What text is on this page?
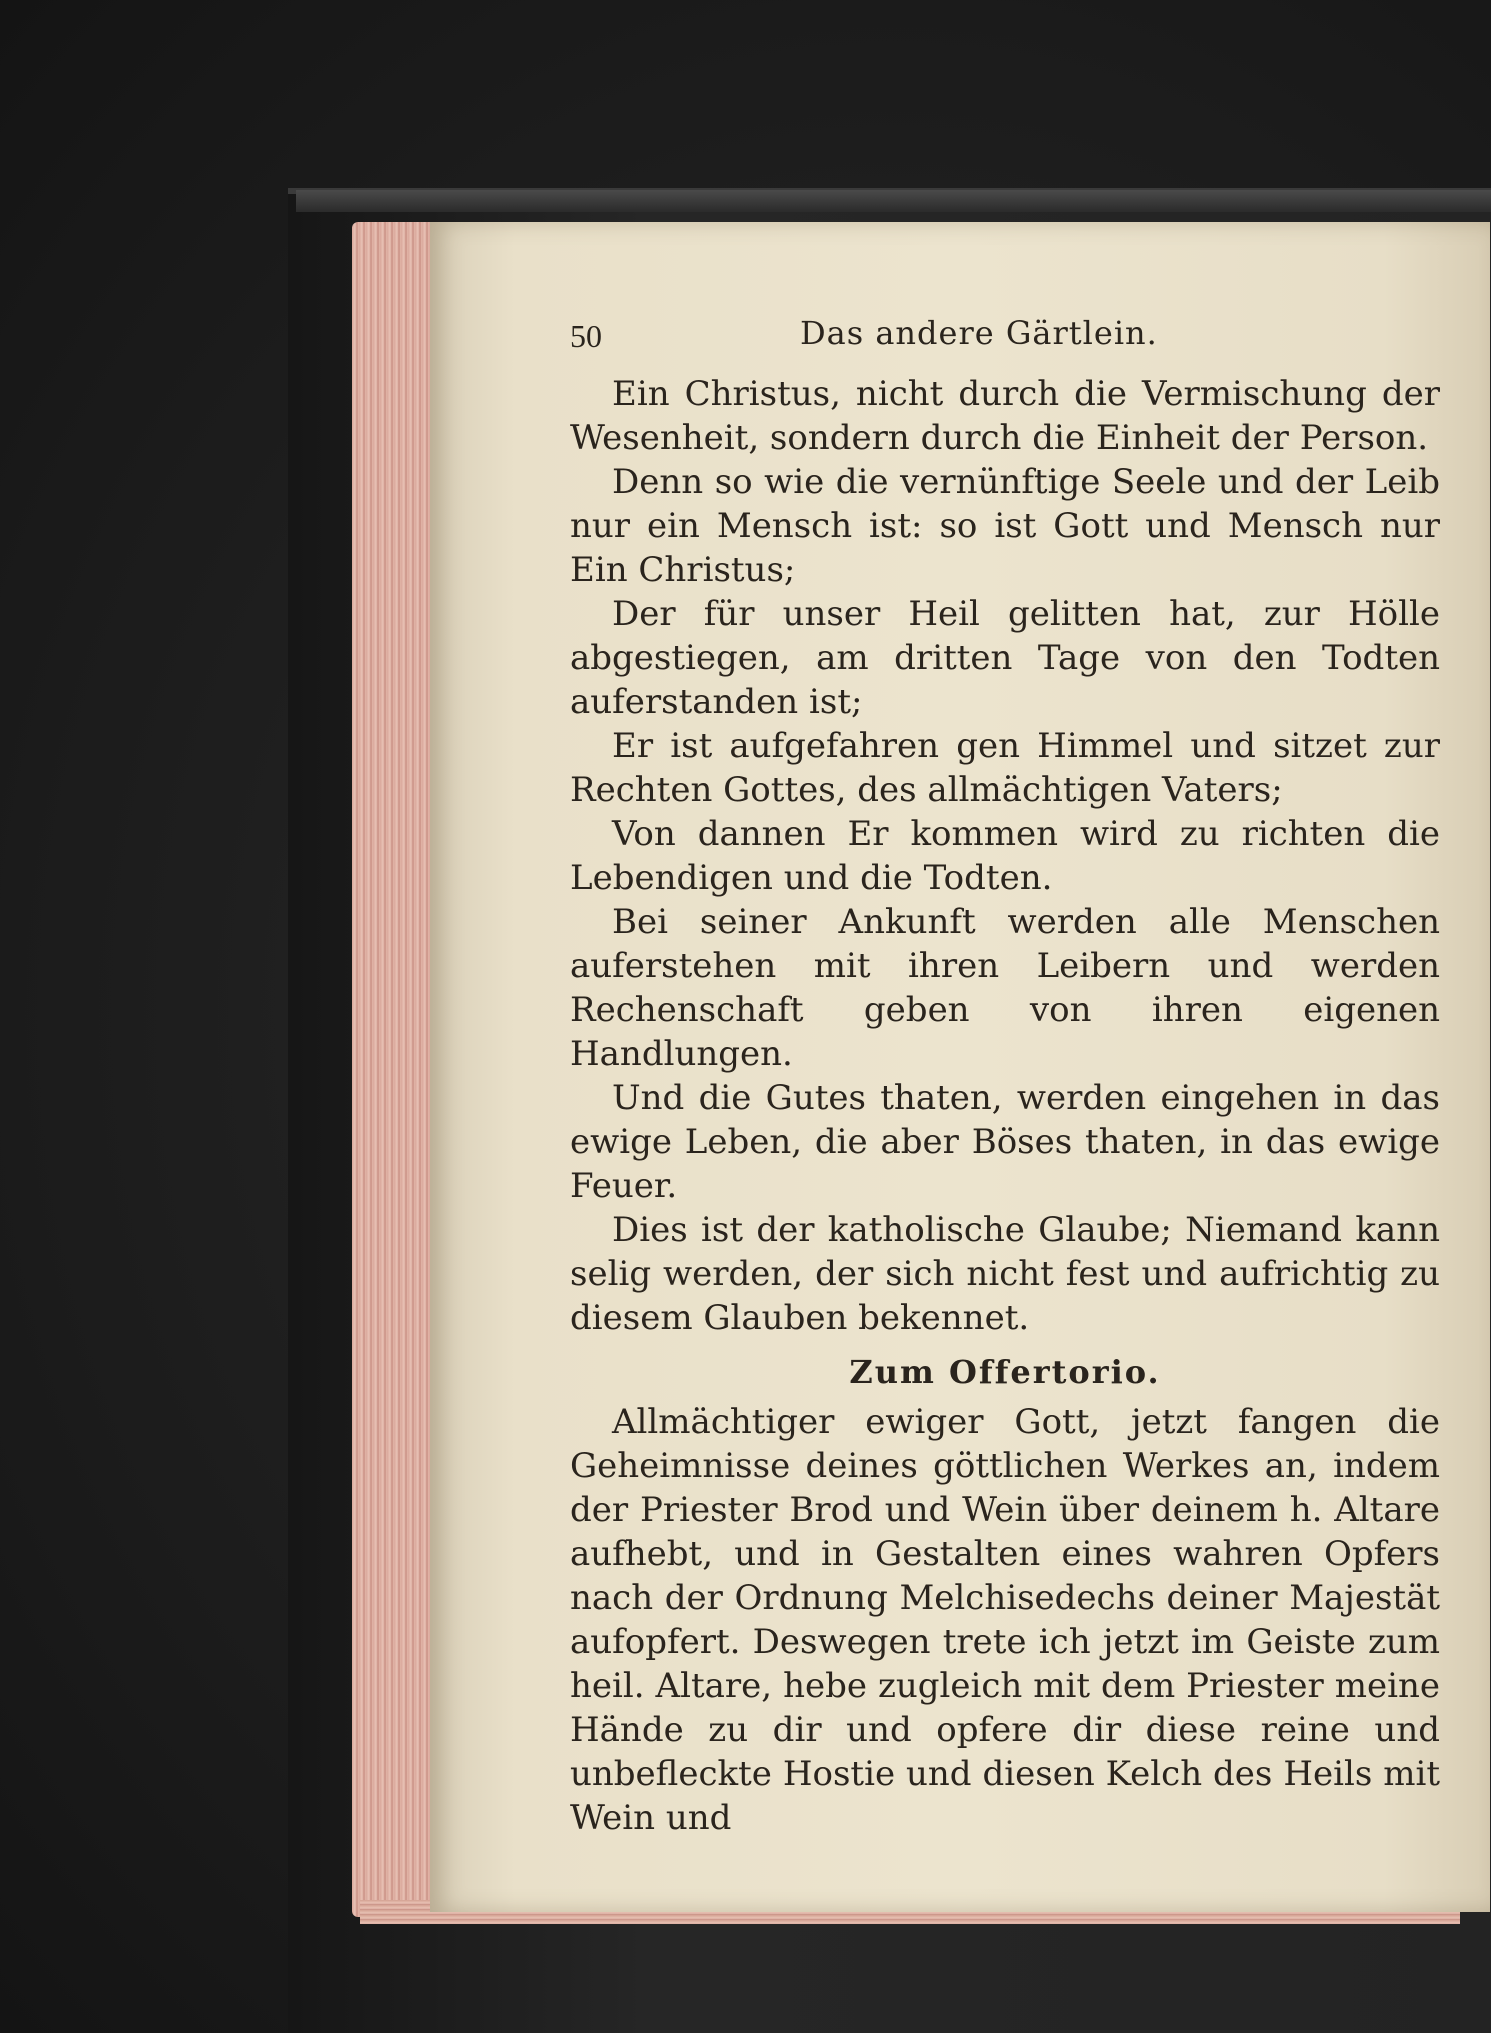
50	Das andere Gärtlein.

Ein Christus, nicht durch die Vermischung der Wesenheit, sondern durch die Einheit der Person.

Denn so wie die vernünftige Seele und der Leib nur ein Mensch ist: so ist Gott und Mensch nur Ein Christus;

Der für unser Heil gelitten hat, zur Hölle abgestiegen, am dritten Tage von den Todten auferstanden ist;

Er ist aufgefahren gen Himmel und sitzet zur Rechten Gottes, des allmächtigen Vaters;

Von dannen Er kommen wird zu richten die Lebendigen und die Todten.

Bei seiner Ankunft werden alle Menschen auferstehen mit ihren Leibern und werden Rechenschaft geben von ihren eigenen Handlungen.

Und die Gutes thaten, werden eingehen in das ewige Leben, die aber Böses thaten, in das ewige Feuer.

Dies ist der katholische Glaube; Niemand kann selig werden, der sich nicht fest und aufrichtig zu diesem Glauben bekennet.

Zum Offertorio.

Allmächtiger ewiger Gott, jetzt fangen die Geheimnisse deines göttlichen Werkes an, indem der Priester Brod und Wein über deinem h. Altare aufhebt, und in Gestalten eines wahren Opfers nach der Ordnung Melchisedechs deiner Majestät aufopfert. Deswegen trete ich jetzt im Geiste zum heil. Altare, hebe zugleich mit dem Priester meine Hände zu dir und opfere dir diese reine und unbefleckte Hostie und diesen Kelch des Heils mit Wein und
